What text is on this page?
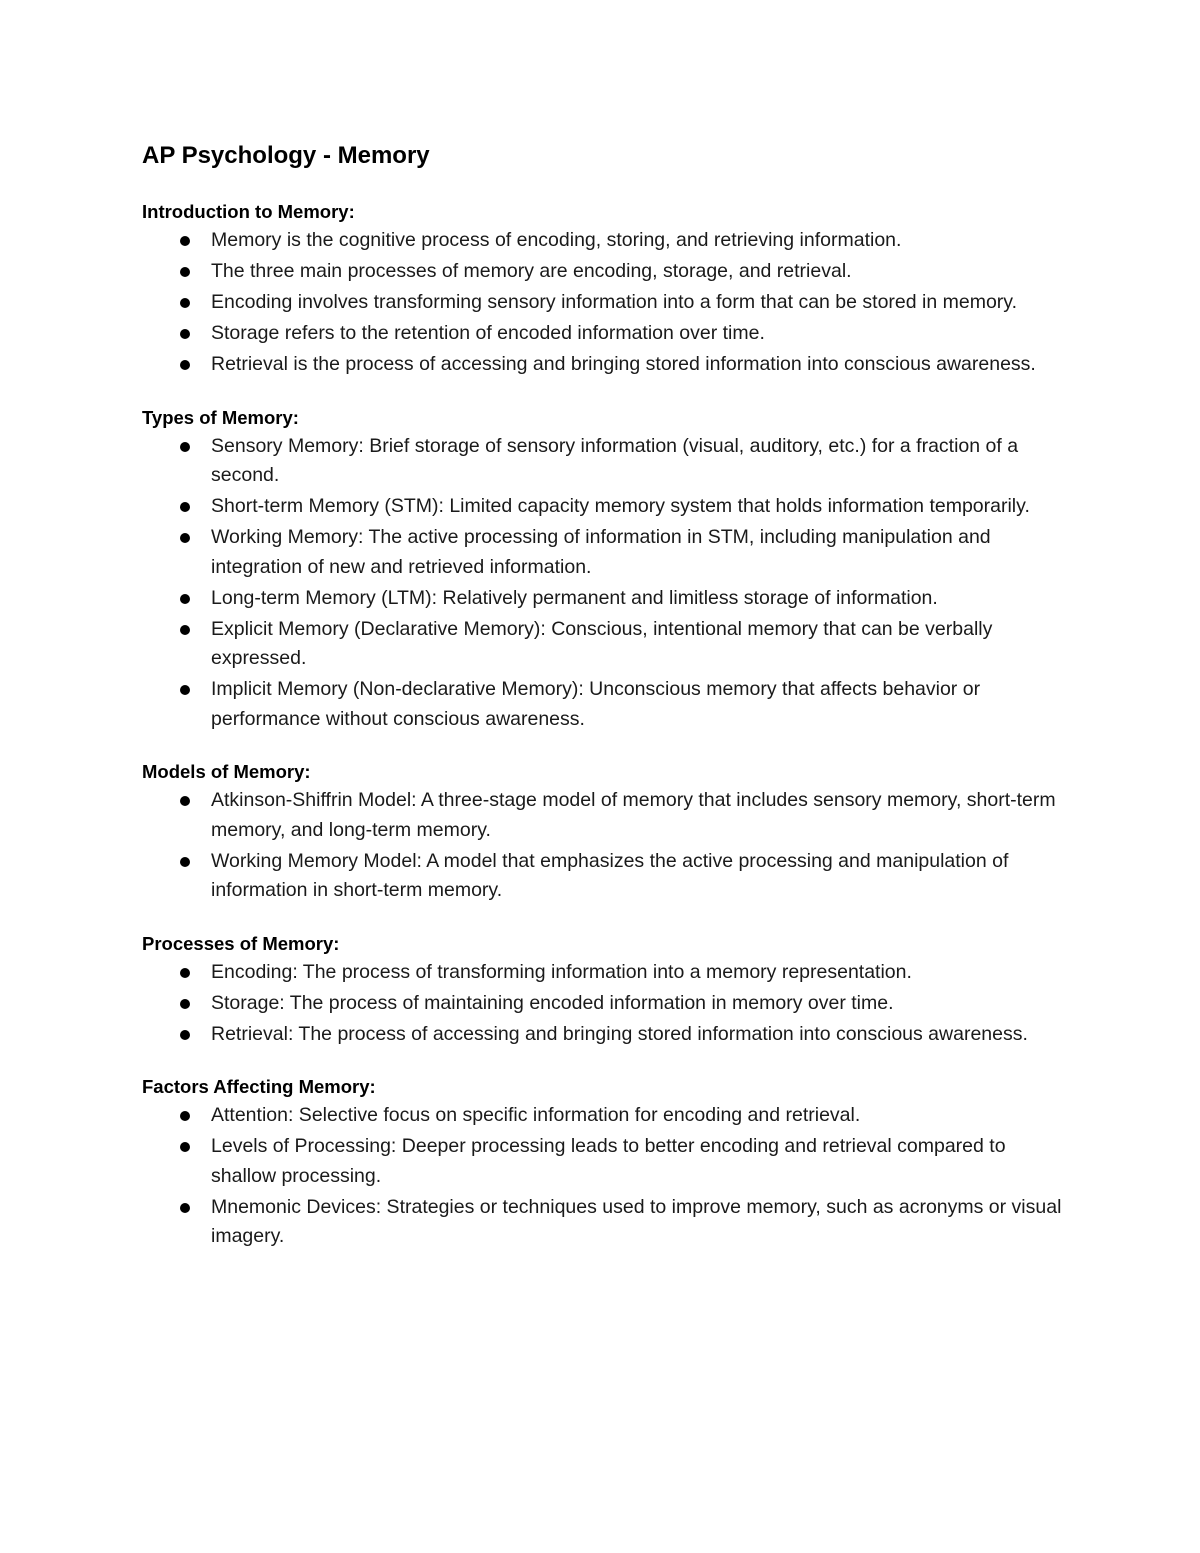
AP Psychology - Memory
Introduction to Memory:
Memory is the cognitive process of encoding, storing, and retrieving information.
The three main processes of memory are encoding, storage, and retrieval.
Encoding involves transforming sensory information into a form that can be stored in memory.
Storage refers to the retention of encoded information over time.
Retrieval is the process of accessing and bringing stored information into conscious awareness.
Types of Memory:
Sensory Memory: Brief storage of sensory information (visual, auditory, etc.) for a fraction of a second.
Short-term Memory (STM): Limited capacity memory system that holds information temporarily.
Working Memory: The active processing of information in STM, including manipulation and integration of new and retrieved information.
Long-term Memory (LTM): Relatively permanent and limitless storage of information.
Explicit Memory (Declarative Memory): Conscious, intentional memory that can be verbally expressed.
Implicit Memory (Non-declarative Memory): Unconscious memory that affects behavior or performance without conscious awareness.
Models of Memory:
Atkinson-Shiffrin Model: A three-stage model of memory that includes sensory memory, short-term memory, and long-term memory.
Working Memory Model: A model that emphasizes the active processing and manipulation of information in short-term memory.
Processes of Memory:
Encoding: The process of transforming information into a memory representation.
Storage: The process of maintaining encoded information in memory over time.
Retrieval: The process of accessing and bringing stored information into conscious awareness.
Factors Affecting Memory:
Attention: Selective focus on specific information for encoding and retrieval.
Levels of Processing: Deeper processing leads to better encoding and retrieval compared to shallow processing.
Mnemonic Devices: Strategies or techniques used to improve memory, such as acronyms or visual imagery.
